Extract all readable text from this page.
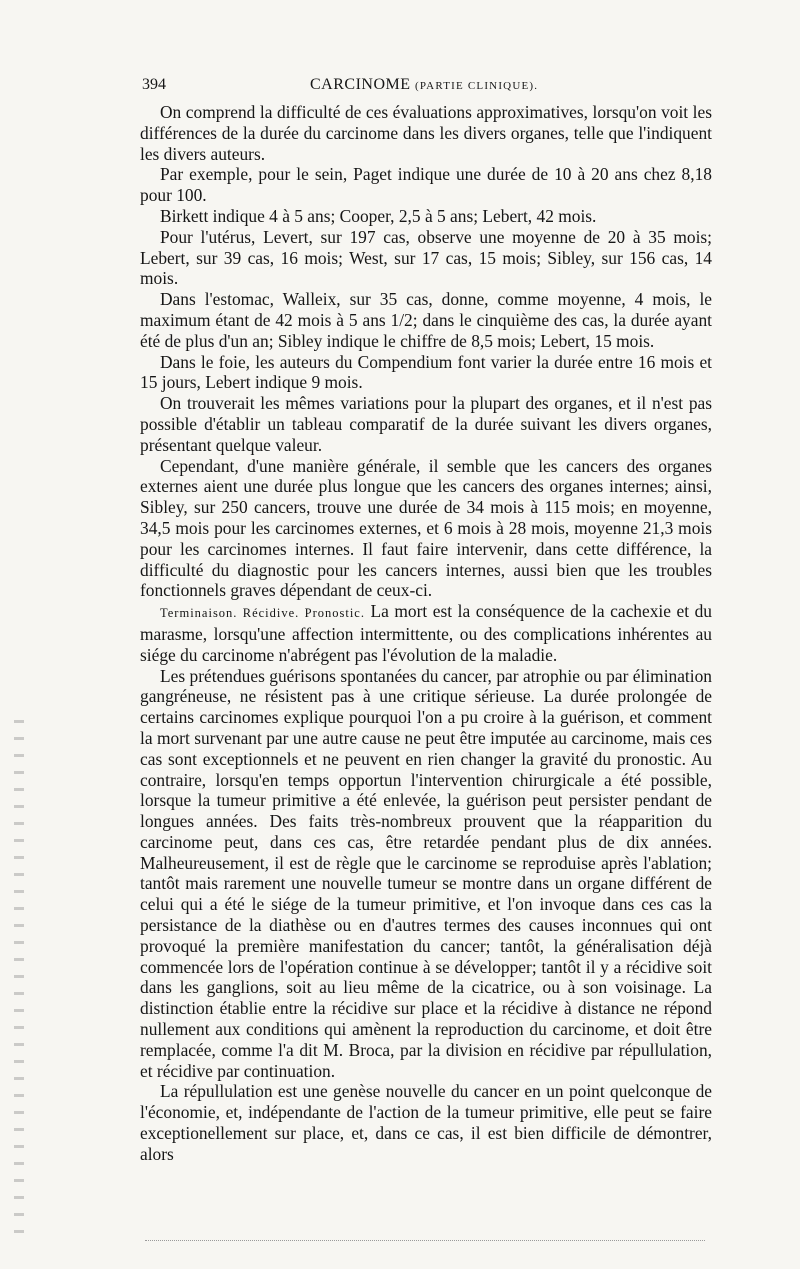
394	CARCINOME (PARTIE CLINIQUE).

On comprend la difficulté de ces évaluations approximatives, lorsqu'on voit les différences de la durée du carcinome dans les divers organes, telle que l'indiquent les divers auteurs.

Par exemple, pour le sein, Paget indique une durée de 10 à 20 ans chez 8,18 pour 100.

Birkett indique 4 à 5 ans; Cooper, 2,5 à 5 ans; Lebert, 42 mois.

Pour l'utérus, Levert, sur 197 cas, observe une moyenne de 20 à 35 mois; Lebert, sur 39 cas, 16 mois; West, sur 17 cas, 15 mois; Sibley, sur 156 cas, 14 mois.

Dans l'estomac, Walleix, sur 35 cas, donne, comme moyenne, 4 mois, le maximum étant de 42 mois à 5 ans 1/2; dans le cinquième des cas, la durée ayant été de plus d'un an; Sibley indique le chiffre de 8,5 mois; Lebert, 15 mois.

Dans le foie, les auteurs du Compendium font varier la durée entre 16 mois et 15 jours, Lebert indique 9 mois.

On trouverait les mêmes variations pour la plupart des organes, et il n'est pas possible d'établir un tableau comparatif de la durée suivant les divers organes, présentant quelque valeur.

Cependant, d'une manière générale, il semble que les cancers des organes externes aient une durée plus longue que les cancers des organes internes; ainsi, Sibley, sur 250 cancers, trouve une durée de 34 mois à 115 mois; en moyenne, 34,5 mois pour les carcinomes externes, et 6 mois à 28 mois, moyenne 21,3 mois pour les carcinomes internes. Il faut faire intervenir, dans cette différence, la difficulté du diagnostic pour les cancers internes, aussi bien que les troubles fonctionnels graves dépendant de ceux-ci.

Terminaison. Récidive. Pronostic. La mort est la conséquence de la cachexie et du marasme, lorsqu'une affection intermittente, ou des complications inhérentes au siége du carcinome n'abrégent pas l'évolution de la maladie.

Les prétendues guérisons spontanées du cancer, par atrophie ou par élimination gangréneuse, ne résistent pas à une critique sérieuse. La durée prolongée de certains carcinomes explique pourquoi l'on a pu croire à la guérison, et comment la mort survenant par une autre cause ne peut être imputée au carcinome, mais ces cas sont exceptionnels et ne peuvent en rien changer la gravité du pronostic. Au contraire, lorsqu'en temps opportun l'intervention chirurgicale a été possible, lorsque la tumeur primitive a été enlevée, la guérison peut persister pendant de longues années. Des faits très-nombreux prouvent que la réapparition du carcinome peut, dans ces cas, être retardée pendant plus de dix années. Malheureusement, il est de règle que le carcinome se reproduise après l'ablation; tantôt mais rarement une nouvelle tumeur se montre dans un organe différent de celui qui a été le siége de la tumeur primitive, et l'on invoque dans ces cas la persistance de la diathèse ou en d'autres termes des causes inconnues qui ont provoqué la première manifestation du cancer; tantôt, la généralisation déjà commencée lors de l'opération continue à se développer; tantôt il y a récidive soit dans les ganglions, soit au lieu même de la cicatrice, ou à son voisinage. La distinction établie entre la récidive sur place et la récidive à distance ne répond nullement aux conditions qui amènent la reproduction du carcinome, et doit être remplacée, comme l'a dit M. Broca, par la division en récidive par répullulation, et récidive par continuation.

La répullulation est une genèse nouvelle du cancer en un point quelconque de l'économie, et, indépendante de l'action de la tumeur primitive, elle peut se faire exceptionellement sur place, et, dans ce cas, il est bien difficile de démontrer, alors
